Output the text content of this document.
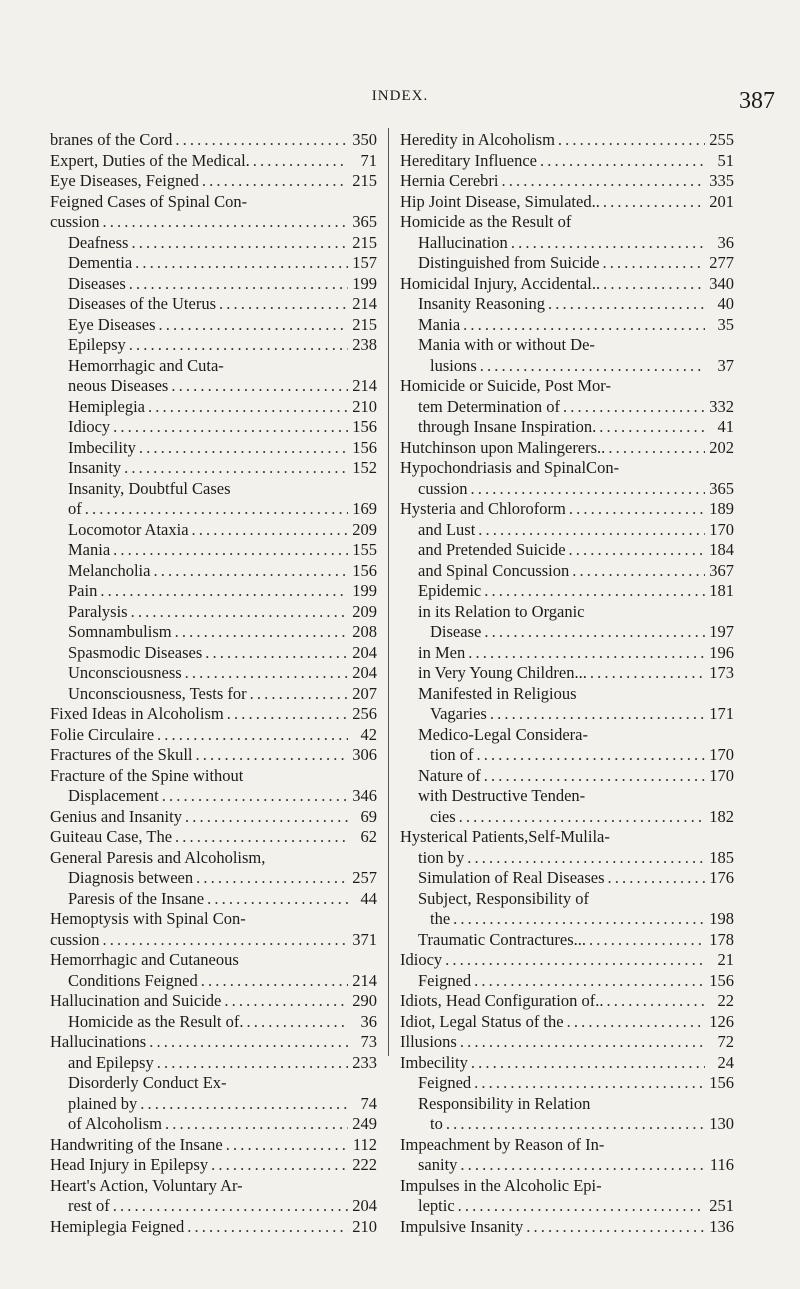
INDEX.	387
branes of the Cord . . .	350
Expert, Duties of the Medical. . . .	71
Eye Diseases, Feigned . . .	215
Feigned Cases of Spinal Con-
cussion . . .	365
Deafness . . .	215
Dementia . . .	157
Diseases . . .	199
Diseases of the Uterus . . .	214
Eye Diseases . . .	215
Epilepsy . . .	238
Hemorrhagic and Cuta-
neous Diseases . . .	214
Hemiplegia . . .	210
Idiocy . . .	156
Imbecility . . .	156
Insanity . . .	152
Insanity, Doubtful Cases
of . . .	169
Locomotor Ataxia . . .	209
Mania . . .	155
Melancholia . . .	156
Pain . . .	199
Paralysis . . .	209
Somnambulism . . .	208
Spasmodic Diseases . . .	204
Unconsciousness . . .	204
Unconsciousness, Tests for . . .	207
Fixed Ideas in Alcoholism . . .	256
Folie Circulaire . . .	42
Fractures of the Skull . . .	306
Fracture of the Spine without
Displacement . . .	346
Genius and Insanity . . .	69
Guiteau Case, The . . .	62
General Paresis and Alcoholism,
Diagnosis between . . .	257
Paresis of the Insane . . .	44
Hemoptysis with Spinal Con-
cussion . . .	371
Hemorrhagic and Cutaneous
Conditions Feigned . . .	214
Hallucination and Suicide . . .	290
Homicide as the Result of. . . .	36
Hallucinations . . .	73
and Epilepsy . . .	233
Disorderly Conduct Ex-
plained by . . .	74
of Alcoholism . . .	249
Handwriting of the Insane . . .	112
Head Injury in Epilepsy . . .	222
Heart's Action, Voluntary Ar-
rest of . . .	204
Hemiplegia Feigned . . .	210
Heredity in Alcoholism . . .	255
Hereditary Influence . . .	51
Hernia Cerebri . . .	335
Hip Joint Disease, Simulated.. . . .	201
Homicide as the Result of
Hallucination . . .	36
Distinguished from Suicide . . .	277
Homicidal Injury, Accidental.. . . .	340
Insanity Reasoning . . .	40
Mania . . .	35
Mania with or without De-
lusions . . .	37
Homicide or Suicide, Post Mor-
tem Determination of . . .	332
through Insane Inspiration. . . .	41
Hutchinson upon Malingerers.. . . .	202
Hypochondriasis and SpinalCon-
cussion . . .	365
Hysteria and Chloroform . . .	189
and Lust . . .	170
and Pretended Suicide . . .	184
and Spinal Concussion . . .	367
Epidemic . . .	181
in its Relation to Organic
Disease . . .	197
in Men . . .	196
in Very Young Children... . . .	173
Manifested in Religious
Vagaries . . .	171
Medico-Legal Considera-
tion of . . .	170
Nature of . . .	170
with Destructive Tenden-
cies . . .	182
Hysterical Patients,Self-Mulila-
tion by . . .	185
Simulation of Real Diseases . . .	176
Subject, Responsibility of
the . . .	198
Traumatic Contractures... . . .	178
Idiocy . . .	21
Feigned . . .	156
Idiots, Head Configuration of.. . . .	22
Idiot, Legal Status of the . . .	126
Illusions . . .	72
Imbecility . . .	24
Feigned . . .	156
Responsibility in Relation
to . . .	130
Impeachment by Reason of In-
sanity . . .	116
Impulses in the Alcoholic Epi-
leptic . . .	251
Impulsive Insanity . . .	136
